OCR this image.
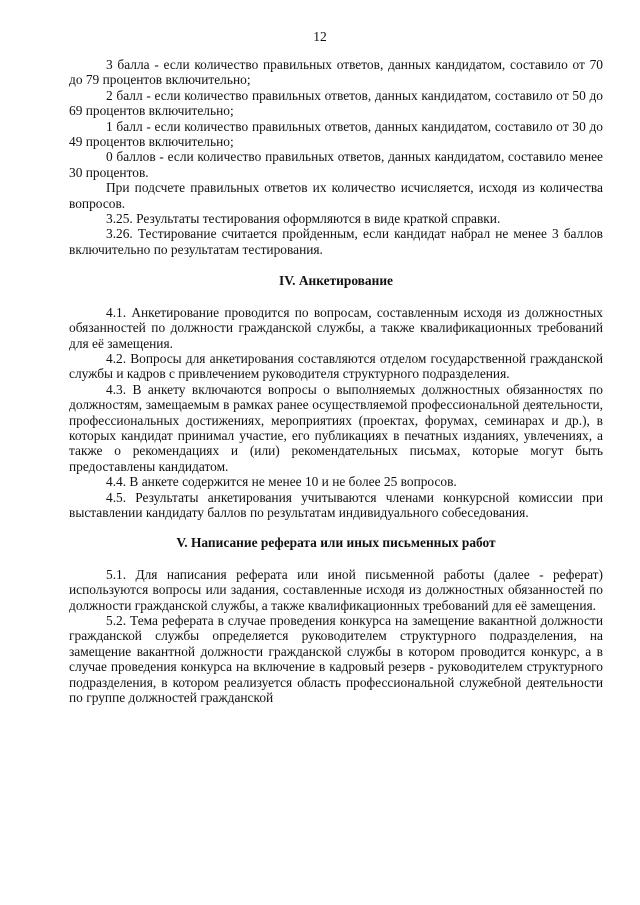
12

3 балла - если количество правильных ответов, данных кандидатом, составило от 70 до 79 процентов включительно;

2 балл - если количество правильных ответов, данных кандидатом, составило от 50 до 69 процентов включительно;

1 балл - если количество правильных ответов, данных кандидатом, составило от 30 до 49 процентов включительно;

0 баллов - если количество правильных ответов, данных кандидатом, составило менее 30 процентов.

При подсчете правильных ответов их количество исчисляется, исходя из количества вопросов.

3.25. Результаты тестирования оформляются в виде краткой справки.

3.26. Тестирование считается пройденным, если кандидат набрал не менее 3 баллов включительно по результатам тестирования.

IV. Анкетирование

4.1. Анкетирование проводится по вопросам, составленным исходя из должностных обязанностей по должности гражданской службы, а также квалификационных требований для её замещения.

4.2. Вопросы для анкетирования составляются отделом государственной гражданской службы и кадров с привлечением руководителя структурного подразделения.

4.3. В анкету включаются вопросы о выполняемых должностных обязанностях по должностям, замещаемым в рамках ранее осуществляемой профессиональной деятельности, профессиональных достижениях, мероприятиях (проектах, форумах, семинарах и др.), в которых кандидат принимал участие, его публикациях в печатных изданиях, увлечениях, а также о рекомендациях и (или) рекомендательных письмах, которые могут быть предоставлены кандидатом.

4.4. В анкете содержится не менее 10 и не более 25 вопросов.

4.5. Результаты анкетирования учитываются членами конкурсной комиссии при выставлении кандидату баллов по результатам индивидуального собеседования.

V. Написание реферата или иных письменных работ

5.1. Для написания реферата или иной письменной работы (далее - реферат) используются вопросы или задания, составленные исходя из должностных обязанностей по должности гражданской службы, а также квалификационных требований для её замещения.

5.2. Тема реферата в случае проведения конкурса на замещение вакантной должности гражданской службы определяется руководителем структурного подразделения, на замещение вакантной должности гражданской службы в котором проводится конкурс, а в случае проведения конкурса на включение в кадровый резерв - руководителем структурного подразделения, в котором реализуется область профессиональной служебной деятельности по группе должностей гражданской
